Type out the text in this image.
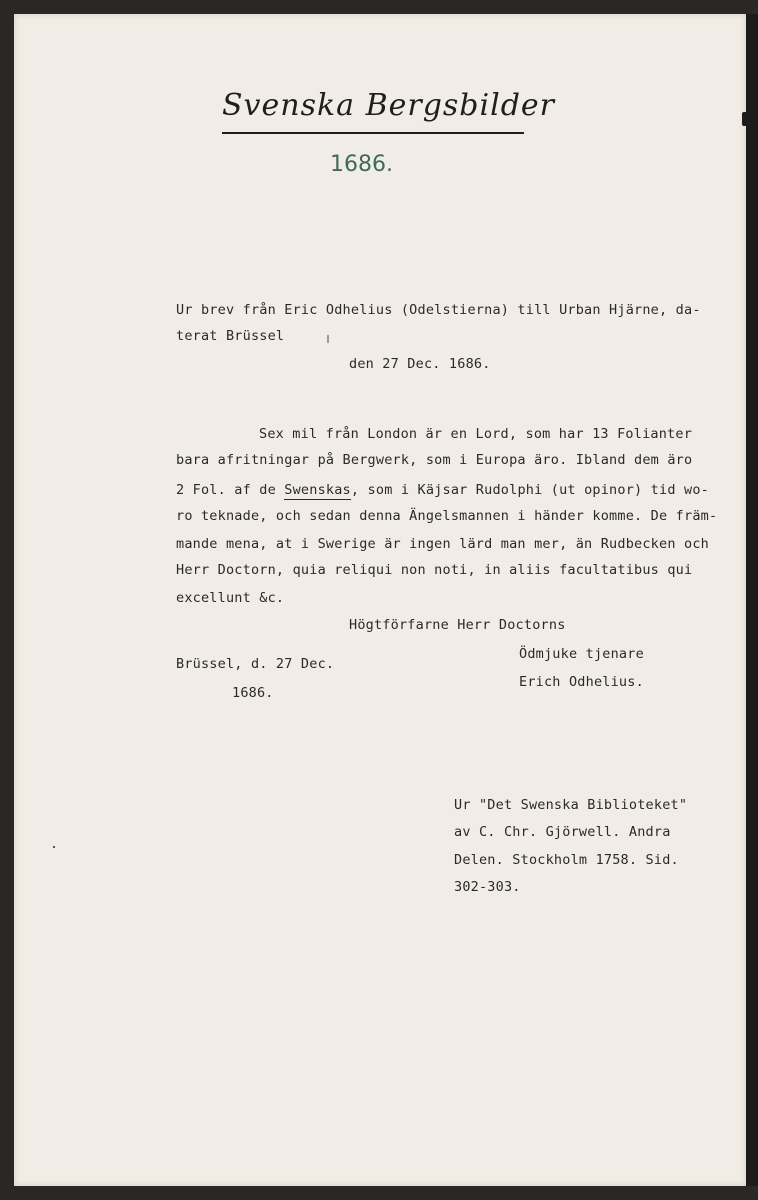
Svenska Bergsbilder
1686.
Ur brev från Eric Odhelius (Odelstierna) till Urban Hjärne, da-
terat Brüssel
den 27 Dec. 1686.
Sex mil från London är en Lord, som har 13 Folianter
bara afritningar på Bergwerk, som i Europa äro. Ibland dem äro
2 Fol. af de Swenskas, som i Käjsar Rudolphi (ut opinor) tid wo-
ro teknade, och sedan denna Ängelsmannen i händer komme. De främ-
mande mena, at i Swerige är ingen lärd man mer, än Rudbecken och
Herr Doctorn, quia reliqui non noti, in aliis facultatibus qui
excellunt &c.
Högtförfarne Herr Doctorns
Ödmjuke tjenare
Brüssel, d. 27 Dec.
Erich Odhelius.
1686.
Ur "Det Swenska Biblioteket"
av C. Chr. Gjörwell. Andra
Delen. Stockholm 1758. Sid.
302-303.
